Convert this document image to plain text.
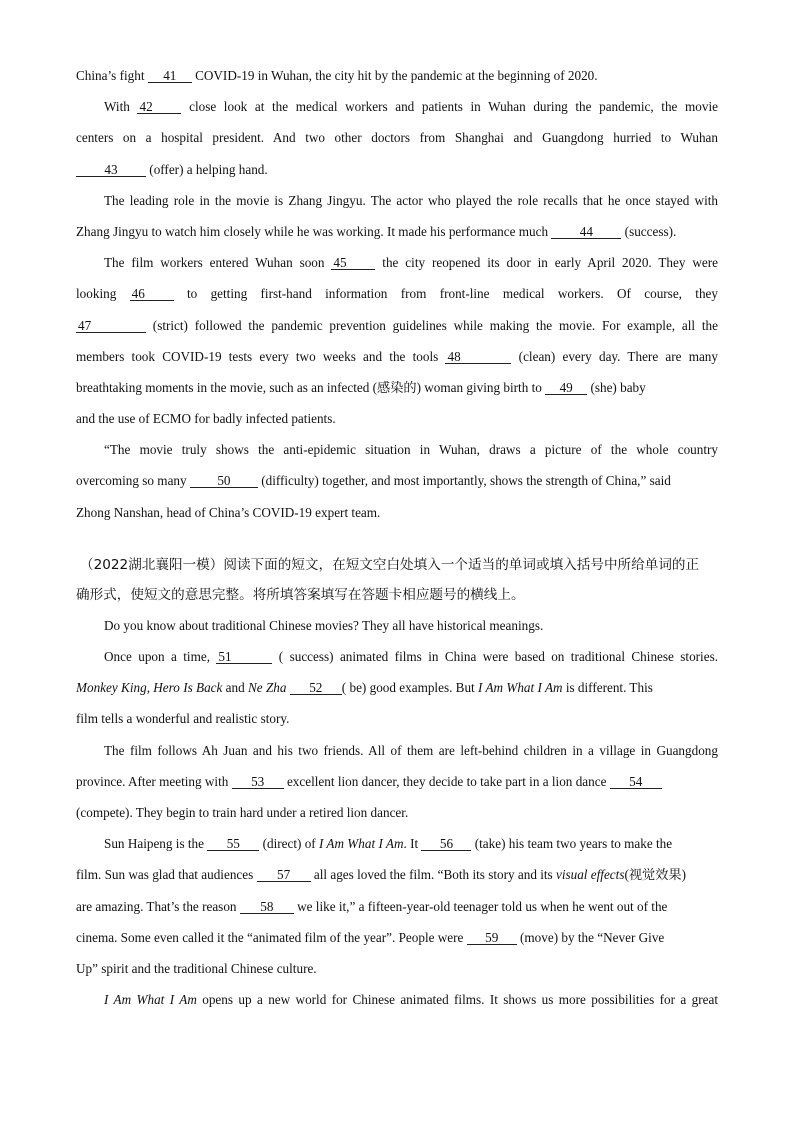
China’s fight 41 COVID-19 in Wuhan, the city hit by the pandemic at the beginning of 2020.
With 42 close look at the medical workers and patients in Wuhan during the pandemic, the movie
centers on a hospital president. And two other doctors from Shanghai and Guangdong hurried to Wuhan
43 (offer) a helping hand.
The leading role in the movie is Zhang Jingyu. The actor who played the role recalls that he once stayed with
Zhang Jingyu to watch him closely while he was working. It made his performance much 44 (success).
The film workers entered Wuhan soon 45 the city reopened its door in early April 2020. They were
looking 46 to getting first-hand information from front-line medical workers. Of course, they
47	(strict) followed the pandemic prevention guidelines while making the movie. For example, all the
members took COVID-19 tests every two weeks and the tools 48	(clean) every day. There are many
breathtaking moments in the movie, such as an infected (感染的) woman giving birth to 49 (she) baby
and the use of ECMO for badly infected patients.
“The movie truly shows the anti-epidemic situation in Wuhan, draws a picture of the whole country
overcoming so many 50 (difficulty) together, and most importantly, shows the strength of China,” said
Zhong Nanshan, head of China’s COVID-19 expert team.
（2022湖北襄阳一模）阅读下面的短文，在短文空白处填入一个适当的单词或填入括号中所给单词的正
确形式，使短文的意思完整。将所填答案填写在答题卡相应题号的横线上。
Do you know about traditional Chinese movies? They all have historical meanings.
Once upon a time, 51	( success) animated films in China were based on traditional Chinese stories.
Monkey King, Hero Is Back and Ne Zha 52 ( be) good examples. But I Am What I Am is different. This
film tells a wonderful and realistic story.
The film follows Ah Juan and his two friends. All of them are left-behind children in a village in Guangdong
province. After meeting with 53 excellent lion dancer, they decide to take part in a lion dance 54
(compete). They begin to train hard under a retired lion dancer.
Sun Haipeng is the 55 (direct) of I Am What I Am. It 56 (take) his team two years to make the
film. Sun was glad that audiences 57 all ages loved the film. “Both its story and its visual effects(视觉效果)
are amazing. That’s the reason 58 we like it,” a fifteen-year-old teenager told us when he went out of the
cinema. Some even called it the “animated film of the year”. People were 59 (move) by the “Never Give
Up” spirit and the traditional Chinese culture.
I Am What I Am opens up a new world for Chinese animated films. It shows us more possibilities for a great
